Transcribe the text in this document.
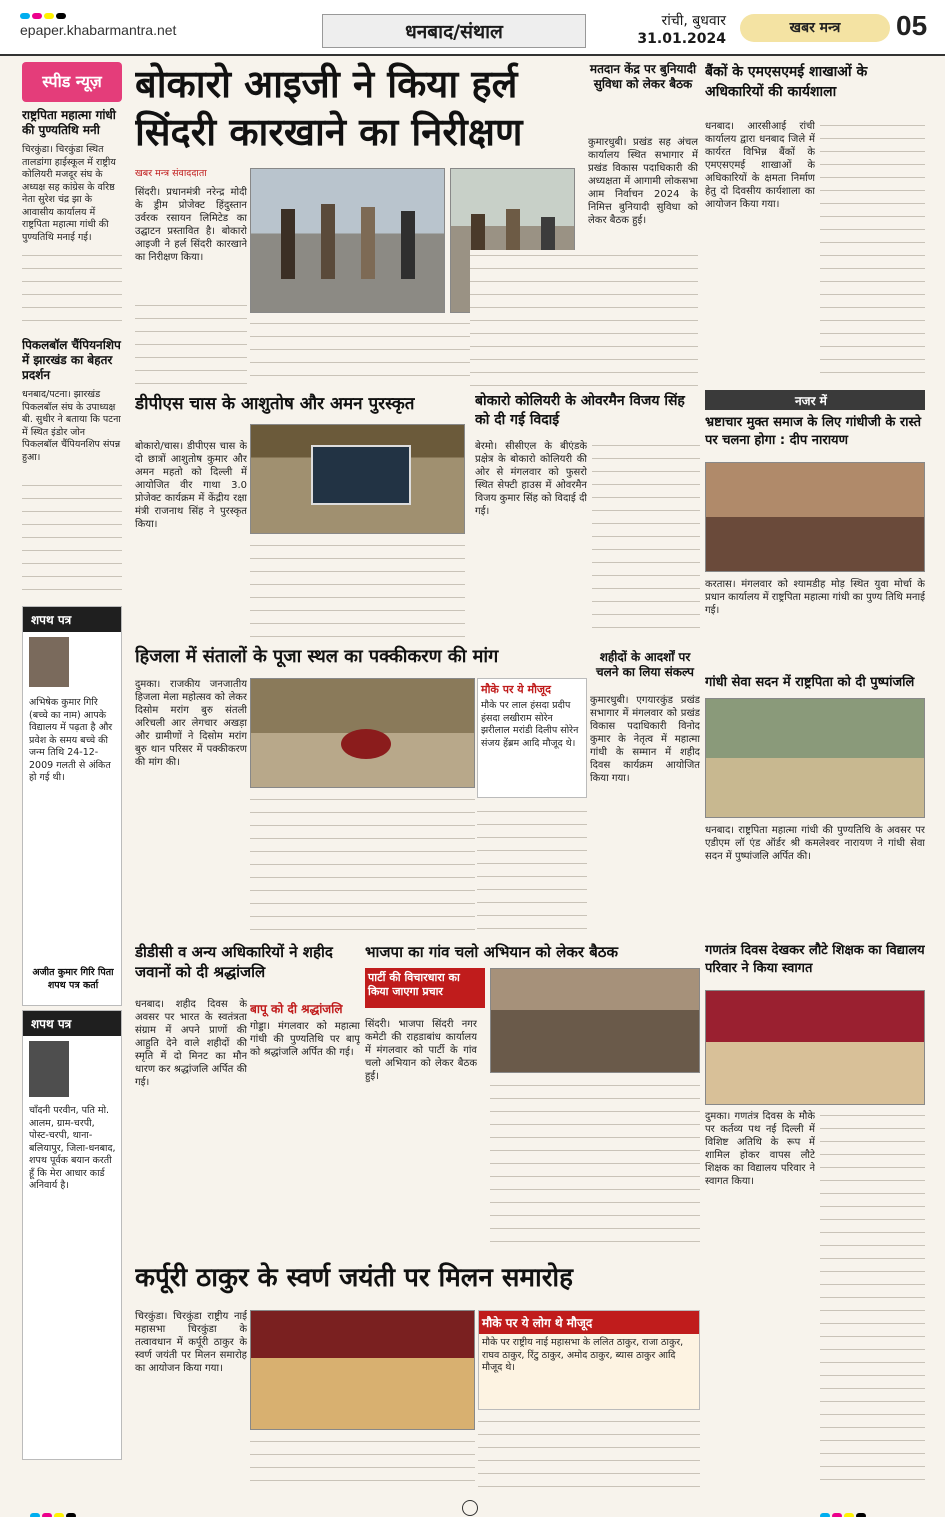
epaper.khabarmantra.net	धनबाद/संथाल	रांची, बुधवार
31.01.2024
खबर मन्त्र	05
स्पीड न्यूज़
राष्ट्रपिता महात्मा गांधी की पुण्यतिथि मनी
चिरकुंडा। चिरकुंडा स्थित तालडांगा हाईस्कूल में राष्ट्रीय कोलियरी मजदूर संघ के अध्यक्ष सह कांग्रेस के वरिष्ठ नेता सुरेश चंद्र झा के आवासीय कार्यालय में राष्ट्रपिता महात्मा गांधी की पुण्यतिथि मनाई गई।
पिकलबॉल चैंपियनशिप में झारखंड का बेहतर प्रदर्शन
धनबाद/पटना। झारखंड पिकलबॉल संघ के उपाध्यक्ष बी. सुधीर ने बताया कि पटना में स्थित इंडोर जोन पिकलबॉल चैंपियनशिप संपन्न हुआ।
शपथ पत्र
अभिषेक कुमार गिरि (बच्चे का नाम) आपके विद्यालय में पढ़ता है और प्रवेश के समय बच्चे की जन्म तिथि 24-12-2009 गलती से अंकित हो गई थी।
अजीत कुमार गिरि पिता शपथ पत्र कर्ता
शपथ पत्र
चाँदनी परवीन, पति मो. आलम, ग्राम-चरपी, पोस्ट-चरपी, थाना-बलियापुर, जिला-धनबाद, शपथ पूर्वक बयान करती हूँ कि मेरा आधार कार्ड अनिवार्य है।
बोकारो आइजी ने किया हर्ल सिंदरी कारखाने का निरीक्षण
खबर मन्त्र संवाददाता
सिंदरी। प्रधानमंत्री नरेन्द्र मोदी के ड्रीम प्रोजेक्ट हिंदुस्तान उर्वरक रसायन लिमिटेड का उद्घाटन प्रस्तावित है। बोकारो आइजी ने हर्ल सिंदरी कारखाने का निरीक्षण किया।
डीपीएस चास के आशुतोष और अमन पुरस्कृत
बोकारो/चास। डीपीएस चास के दो छात्रों आशुतोष कुमार और अमन महतो को दिल्ली में आयोजित वीर गाथा 3.0 प्रोजेक्ट कार्यक्रम में केंद्रीय रक्षा मंत्री राजनाथ सिंह ने पुरस्कृत किया।
मतदान केंद्र पर बुनियादी सुविधा को लेकर बैठक
कुमारधुबी। प्रखंड सह अंचल कार्यालय स्थित सभागार में प्रखंड विकास पदाधिकारी की अध्यक्षता में आगामी लोकसभा आम निर्वाचन 2024 के निमित्त बुनियादी सुविधा को लेकर बैठक हुई।
बोकारो कोलियरी के ओवरमैन विजय सिंह को दी गई विदाई
बेरमो। सीसीएल के बीएंडके प्रक्षेत्र के बोकारो कोलियरी की ओर से मंगलवार को फुसरो स्थित सेफ्टी हाउस में ओवरमैन विजय कुमार सिंह को विदाई दी गई।
हिजला में संतालों के पूजा स्थल का पक्कीकरण की मांग
दुमका। राजकीय जनजातीय हिजला मेला महोत्सव को लेकर दिसोम मरांग बुरु संतली अरिचली आर लेगचार अखड़ा और ग्रामीणों ने दिसोम मरांग बुरु थान परिसर में पक्कीकरण की मांग की।
मौके पर ये मौजूद
मौके पर लाल हंसदा प्रदीप हंसदा लखीराम सोरेन झरीलाल मरांडी दिलीप सोरेन संजय हेंब्रम आदि मौजूद थे।
शहीदों के आदर्शों पर चलने का लिया संकल्प
कुमारधुबी। एगयारकुंड प्रखंड सभागार में मंगलवार को प्रखंड विकास पदाधिकारी विनोद कुमार के नेतृत्व में महात्मा गांधी के सम्मान में शहीद दिवस कार्यक्रम आयोजित किया गया।
डीडीसी व अन्य अधिकारियों ने शहीद जवानों को दी श्रद्धांजलि
धनबाद। शहीद दिवस के अवसर पर भारत के स्वतंत्रता संग्राम में अपने प्राणों की आहुति देने वाले शहीदों की स्मृति में दो मिनट का मौन धारण कर श्रद्धांजलि अर्पित की गई।
बापू को दी श्रद्धांजलि
गोड्डा। मंगलवार को महात्मा गांधी की पुण्यतिथि पर बापू को श्रद्धांजलि अर्पित की गई।
भाजपा का गांव चलो अभियान को लेकर बैठक
पार्टी की विचारधारा का किया जाएगा प्रचार
सिंदरी। भाजपा सिंदरी नगर कमेटी की राहडाबांध कार्यालय में मंगलवार को पार्टी के गांव चलो अभियान को लेकर बैठक हुई।
कर्पूरी ठाकुर के स्वर्ण जयंती पर मिलन समारोह
चिरकुंडा। चिरकुंडा राष्ट्रीय नाई महासभा चिरकुंडा के तत्वावधान में कर्पूरी ठाकुर के स्वर्ण जयंती पर मिलन समारोह का आयोजन किया गया।
मौके पर ये लोग थे मौजूद
मौके पर राष्ट्रीय नाई महासभा के ललित ठाकुर, राजा ठाकुर, राघव ठाकुर, रिंटु ठाकुर, अमोद ठाकुर, ब्यास ठाकुर आदि मौजूद थे।
बैंकों के एमएसएमई शाखाओं के अधिकारियों की कार्यशाला
धनबाद। आरसीआई रांची कार्यालय द्वारा धनबाद जिले में कार्यरत विभिन्न बैंकों के एमएसएमई शाखाओं के अधिकारियों के क्षमता निर्माण हेतु दो दिवसीय कार्यशाला का आयोजन किया गया।
नजर में
भ्रष्टाचार मुक्त समाज के लिए गांधीजी के रास्ते पर चलना होगा : दीप नारायण
करतास। मंगलवार को श्यामडीह मोड़ स्थित युवा मोर्चा के प्रधान कार्यालय में राष्ट्रपिता महात्मा गांधी का पुण्य तिथि मनाई गई।
गांधी सेवा सदन में राष्ट्रपिता को दी पुष्पांजलि
धनबाद। राष्ट्रपिता महात्मा गांधी की पुण्यतिथि के अवसर पर एडीएम लॉ एंड ऑर्डर श्री कमलेश्वर नारायण ने गांधी सेवा सदन में पुष्पांजलि अर्पित की।
गणतंत्र दिवस देखकर लौटे शिक्षक का विद्यालय परिवार ने किया स्वागत
दुमका। गणतंत्र दिवस के मौके पर कर्तव्य पथ नई दिल्ली में विशिष्ट अतिथि के रूप में शामिल होकर वापस लौटे शिक्षक का विद्यालय परिवार ने स्वागत किया।
